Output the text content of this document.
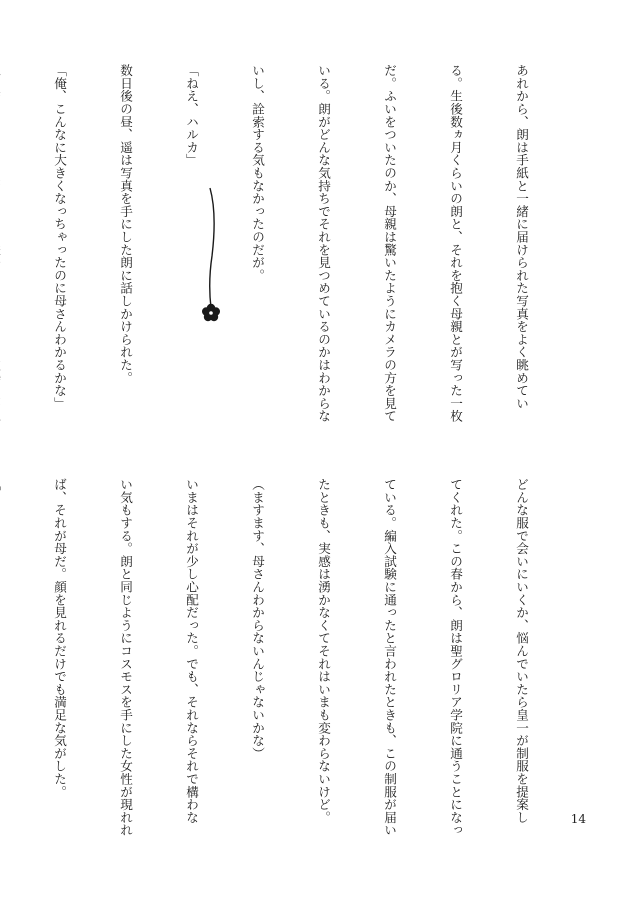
あれから、朗は手紙と一緒に届けられた写真をよく眺めてい

る。生後数ヵ月くらいの朗と、それを抱く母親とが写った一枚

だ。ふいをついたのか、母親は驚いたようにカメラの方を見て

いる。朗がどんな気持ちでそれを見つめているのかはわからな

いし、詮索する気もなかったのだが。

「ねえ、ハルカ」

数日後の昼、遥は写真を手にした朗に話しかけられた。

「俺、こんなに大きくなっちゃったのに母さんわかるかな」

どんな服で会いにいくか、悩んでいたら皇一が制服を提案し

てくれた。この春から、朗は聖グロリア学院に通うことになっ

ている。編入試験に通ったと言われたときも、この制服が届い

たときも、実感は湧かなくてそれはいまも変わらないけど。

（ますます、母さんわからないんじゃないかな）

いまはそれが少し心配だった。でも、それならそれで構わな

い気もする。朗と同じようにコスモスを手にした女性が現れれ

ば、それが母だ。顔を見れるだけでも満足な気がした。

14
